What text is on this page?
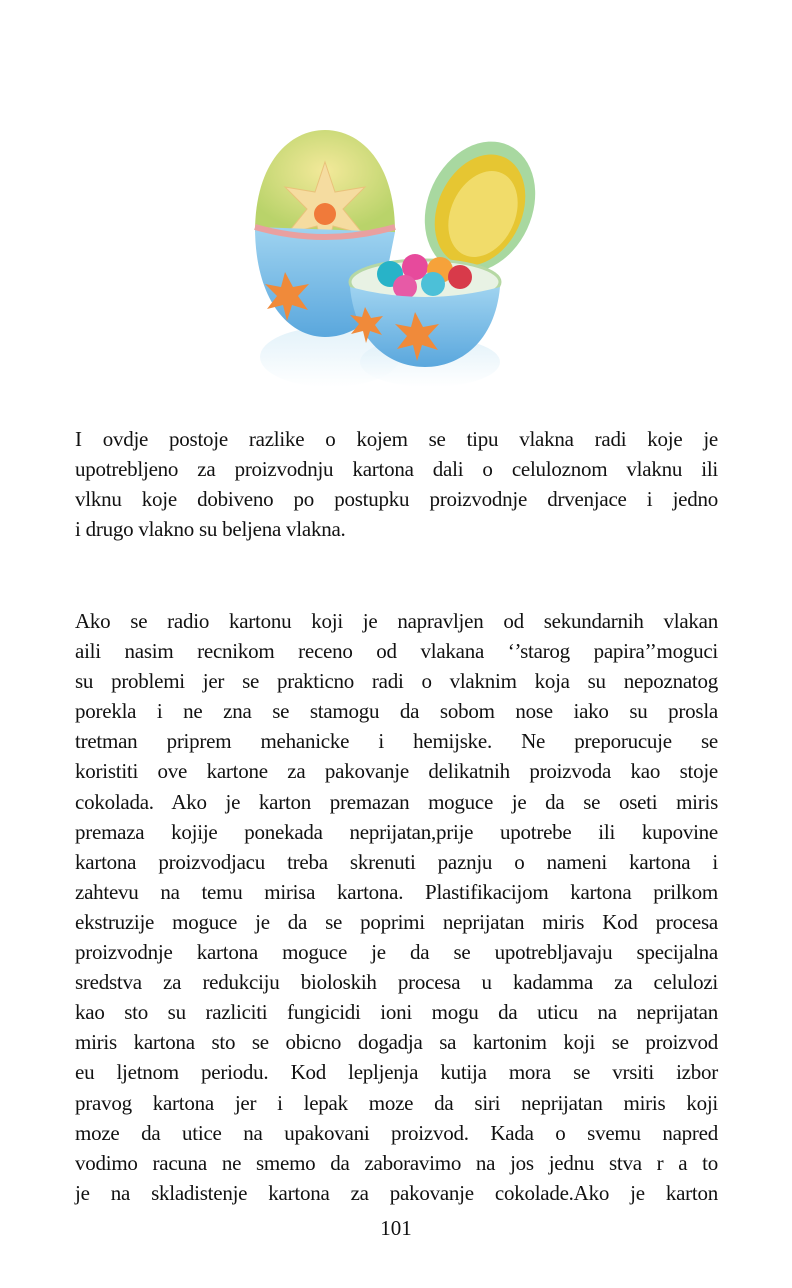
I ovdje postoje razlike o kojem se tipu vlakna radi koje je
upotrebljeno za proizvodnju kartona dali o celuloznom vlaknu ili
vlknu koje dobiveno po postupku proizvodnje drvenjace i jedno
i drugo vlakno su beljena vlakna.
Ako se radio kartonu koji je napravljen od sekundarnih vlakan
aili nasim recnikom receno od vlakana ‘’starog papira’’moguci
su problemi jer se prakticno radi o vlaknim koja su nepoznatog
porekla i ne zna se stamogu da sobom nose iako su prosla
tretman priprem mehanicke i hemijske. Ne preporucuje se
koristiti ove kartone za pakovanje delikatnih proizvoda kao stoje
cokolada. Ako je karton premazan moguce je da se oseti miris
premaza kojije ponekada neprijatan,prije upotrebe ili kupovine
kartona proizvodjacu treba skrenuti paznju o nameni kartona i
zahtevu na temu mirisa kartona. Plastifikacijom kartona prilkom
ekstruzije moguce je da se poprimi neprijatan miris Kod procesa
proizvodnje kartona moguce je da se upotrebljavaju specijalna
sredstva za redukciju bioloskih procesa u kadamma za celulozi
kao sto su razliciti fungicidi ioni mogu da uticu na neprijatan
miris kartona sto se obicno dogadja sa kartonim koji se proizvod
eu ljetnom periodu. Kod lepljenja kutija mora se vrsiti izbor
pravog kartona jer i lepak moze da siri neprijatan miris koji
moze da utice na upakovani proizvod. Kada o svemu napred
vodimo racuna ne smemo da zaboravimo na jos jednu stva r a to
je na skladistenje kartona za pakovanje cokolade.Ako je karton
101
